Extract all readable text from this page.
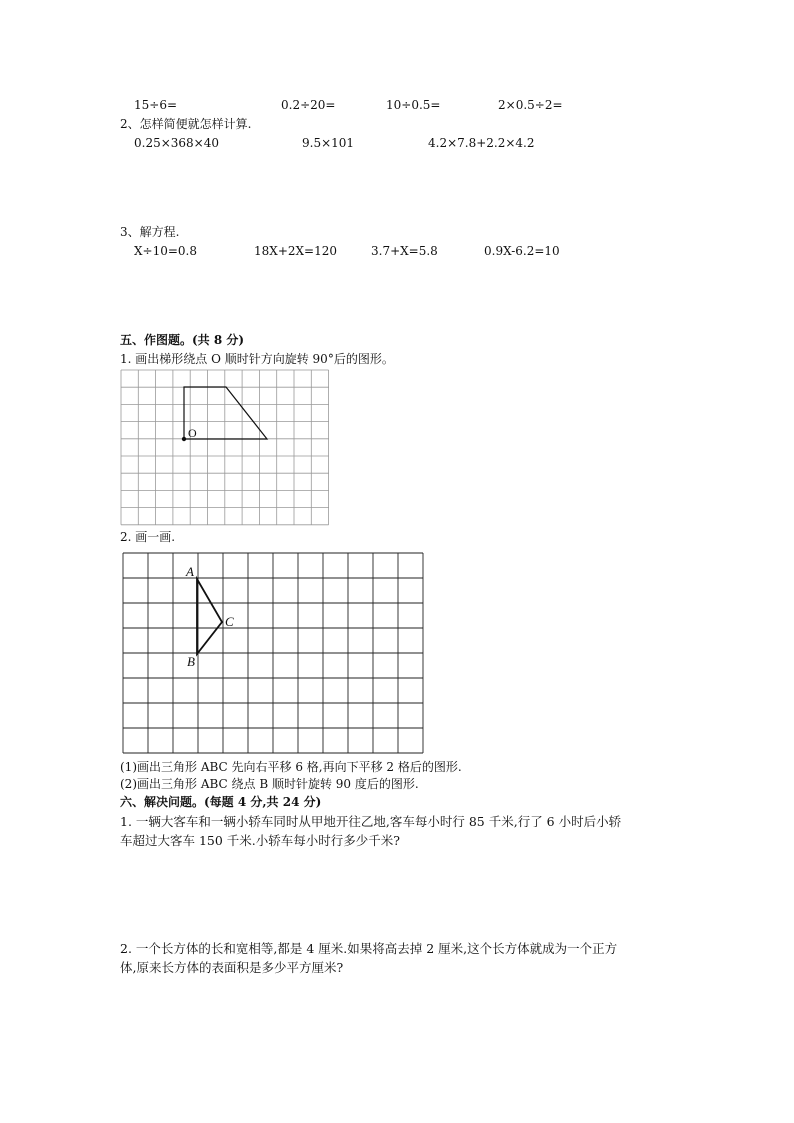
15÷6=	0.2÷20=	10÷0.5=	2×0.5÷2=
2、怎样简便就怎样计算.
0.25×368×40	9.5×101	4.2×7.8+2.2×4.2
3、解方程.
X÷10=0.8	18X+2X=120	3.7+X=5.8	0.9X-6.2=10
五、作图题。(共 8 分)
1. 画出梯形绕点 O 顺时针方向旋转 90°后的图形。
O
2. 画一画.
A
B
C
(1)画出三角形 ABC 先向右平移 6 格,再向下平移 2 格后的图形.
(2)画出三角形 ABC 绕点 B 顺时针旋转 90 度后的图形.
六、解决问题。(每题 4 分,共 24 分)
1. 一辆大客车和一辆小轿车同时从甲地开往乙地,客车每小时行 85 千米,行了 6 小时后小轿
车超过大客车 150 千米.小轿车每小时行多少千米?
2. 一个长方体的长和宽相等,都是 4 厘米.如果将高去掉 2 厘米,这个长方体就成为一个正方
体,原来长方体的表面积是多少平方厘米?
